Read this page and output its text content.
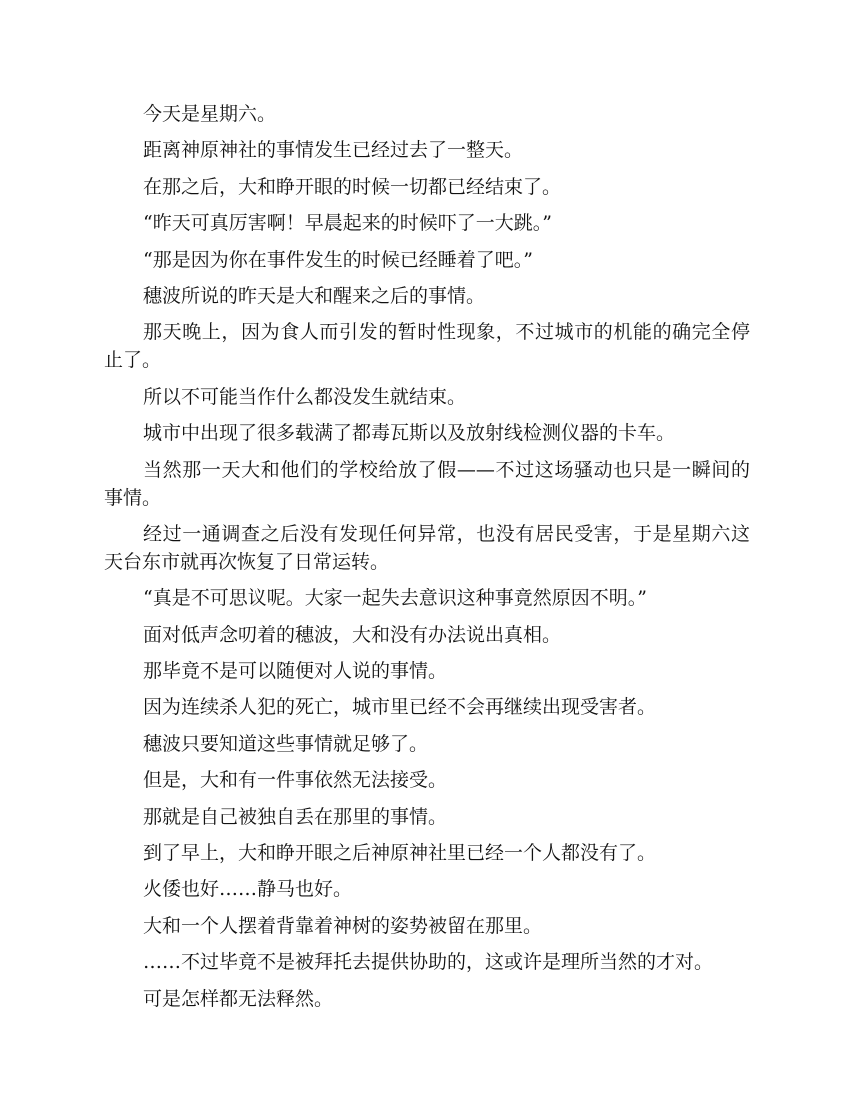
今天是星期六。

距离神原神社的事情发生已经过去了一整天。

在那之后，大和睁开眼的时候一切都已经结束了。

“昨天可真厉害啊！早晨起来的时候吓了一大跳。”

“那是因为你在事件发生的时候已经睡着了吧。”

穗波所说的昨天是大和醒来之后的事情。

那天晚上，因为食人而引发的暂时性现象，不过城市的机能的确完全停止了。

所以不可能当作什么都没发生就结束。

城市中出现了很多载满了都毒瓦斯以及放射线检测仪器的卡车。

当然那一天大和他们的学校给放了假——不过这场骚动也只是一瞬间的事情。

经过一通调查之后没有发现任何异常，也没有居民受害，于是星期六这天台东市就再次恢复了日常运转。

“真是不可思议呢。大家一起失去意识这种事竟然原因不明。”

面对低声念叨着的穗波，大和没有办法说出真相。

那毕竟不是可以随便对人说的事情。

因为连续杀人犯的死亡，城市里已经不会再继续出现受害者。

穗波只要知道这些事情就足够了。

但是，大和有一件事依然无法接受。

那就是自己被独自丢在那里的事情。

到了早上，大和睁开眼之后神原神社里已经一个人都没有了。

火倭也好……静马也好。

大和一个人摆着背靠着神树的姿势被留在那里。

……不过毕竟不是被拜托去提供协助的，这或许是理所当然的才对。

可是怎样都无法释然。
